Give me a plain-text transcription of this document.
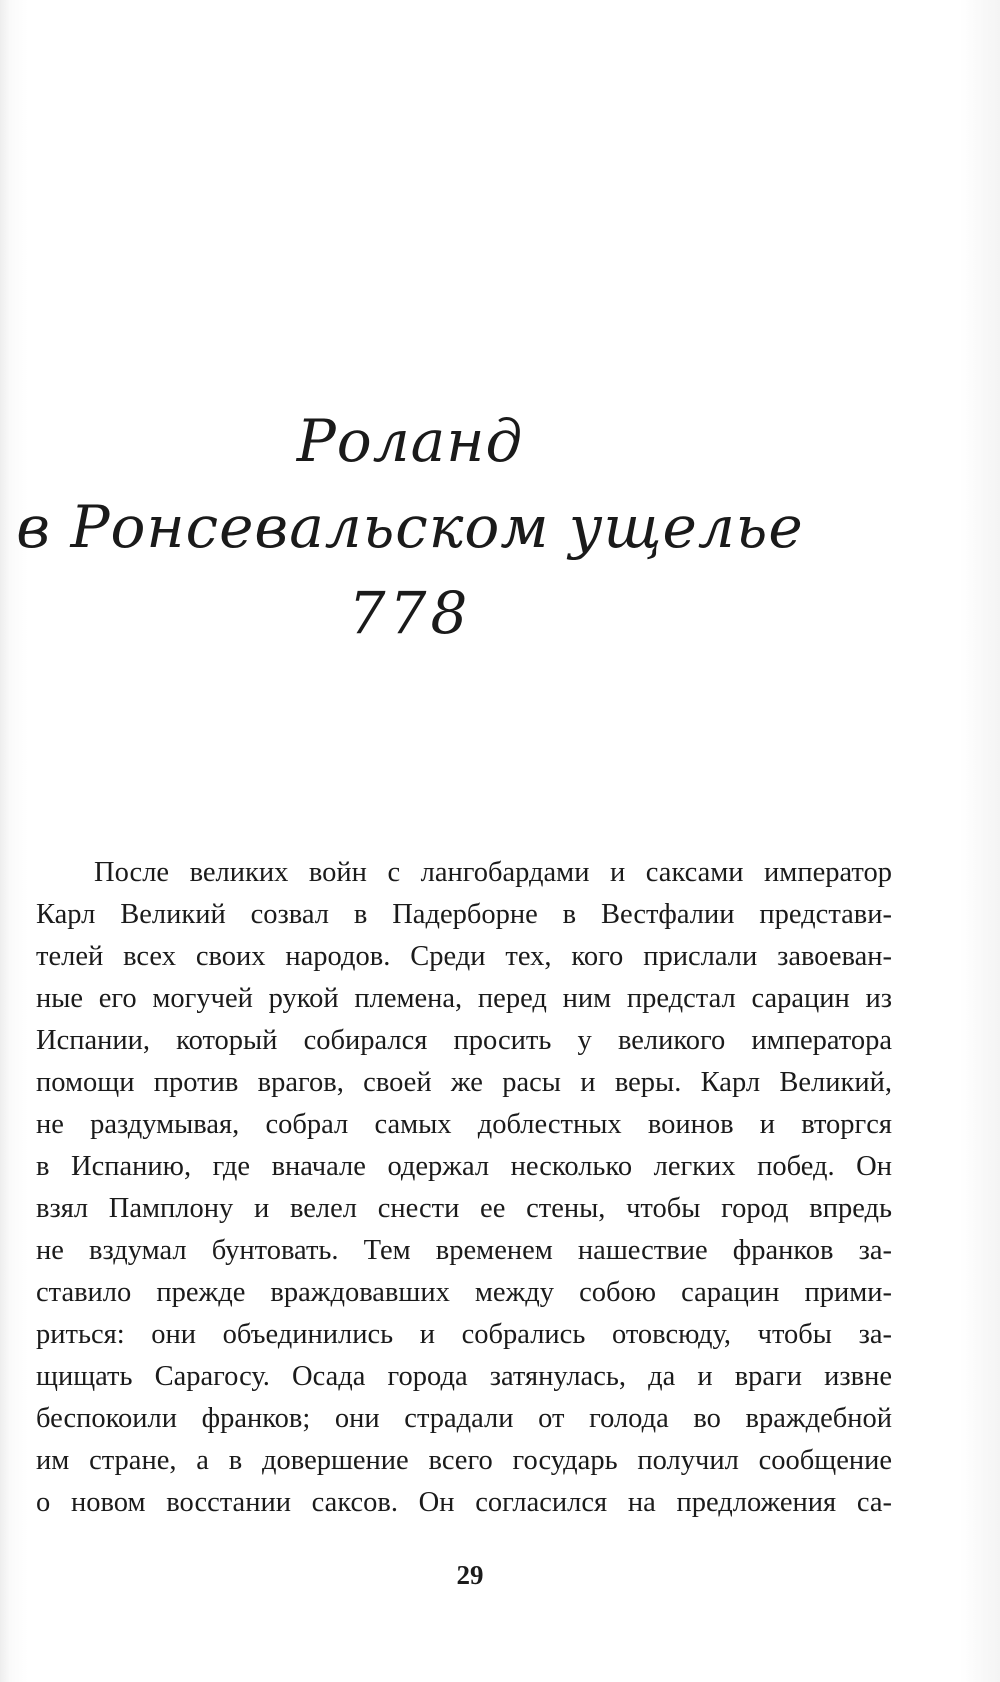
Роланд
в Ронсевальском ущелье
778
После великих войн с лангобардами и саксами император
Карл Великий созвал в Падерборне в Вестфалии представи-
телей всех своих народов. Среди тех, кого прислали завоеван-
ные его могучей рукой племена, перед ним предстал сарацин из
Испании, который собирался просить у великого императора
помощи против врагов, своей же расы и веры. Карл Великий,
не раздумывая, собрал самых доблестных воинов и вторгся
в Испанию, где вначале одержал несколько легких побед. Он
взял Памплону и велел снести ее стены, чтобы город впредь
не вздумал бунтовать. Тем временем нашествие франков за-
ставило прежде враждовавших между собою сарацин прими-
риться: они объединились и собрались отовсюду, чтобы за-
щищать Сарагосу. Осада города затянулась, да и враги извне
беспокоили франков; они страдали от голода во враждебной
им стране, а в довершение всего государь получил сообщение
о новом восстании саксов. Он согласился на предложения са-
29
